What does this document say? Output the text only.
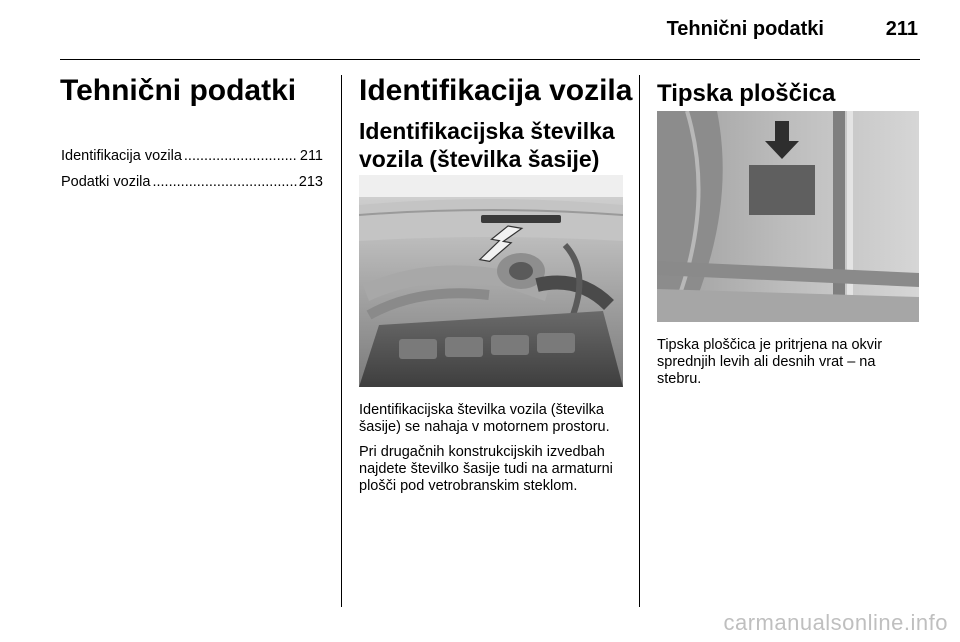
Tehnični podatki	211
Tehnični podatki
Identifikacija vozila .....	211
Podatki vozila .....	213
Identifikacija vozila
Identifikacijska številka
vozila (številka šasije)

Identifikacijska številka vozila (številka šasije) se nahaja v motornem prostoru.

Pri drugačnih konstrukcijskih izvedbah najdete številko šasije tudi na armaturni plošči pod vetrobranskim steklom.

Tipska ploščica

Tipska ploščica je pritrjena na okvir sprednjih levih ali desnih vrat – na stebru.

carmanualsonline.info
